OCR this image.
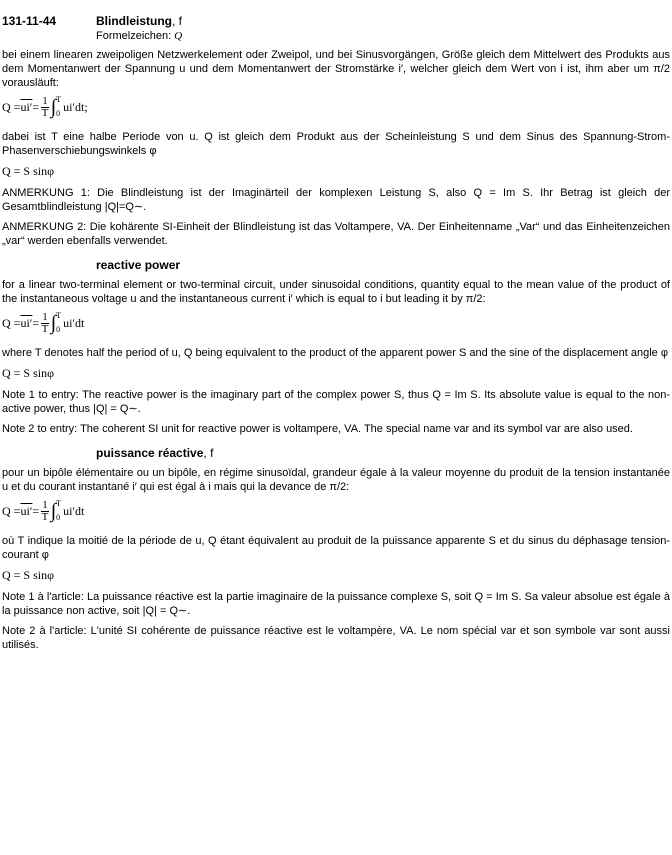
131-11-44	Blindleistung, f
Formelzeichen: Q

bei einem linearen zweipoligen Netzwerkelement oder Zweipol, und bei Sinusvorgängen, Größe gleich dem Mittelwert des Produkts aus dem Momentanwert der Spannung u und dem Momentanwert der Stromstärke i′, welcher gleich dem Wert von i ist, ihm aber um π/2 vorausläuft:

$Q = ui' = \frac{1}{T}$ ∫ T
0 ui′dt ;

dabei ist T eine halbe Periode von u. Q ist gleich dem Produkt aus der Scheinleistung S und dem Sinus des Spannung-Strom-Phasenverschiebungswinkels φ

Q = S sinφ

ANMERKUNG 1: Die Blindleistung ist der Imaginärteil der komplexen Leistung S, also Q = Im S. Ihr Betrag ist gleich der Gesamtblindleistung |Q|=Q∼.

ANMERKUNG 2: Die kohärente SI-Einheit der Blindleistung ist das Voltampere, VA. Der Einheitenname „Var“ und das Einheitenzeichen „var“ werden ebenfalls verwendet.

reactive power

for a linear two-terminal element or two-terminal circuit, under sinusoidal conditions, quantity equal to the mean value of the product of the instantaneous voltage u and the instantaneous current i′ which is equal to i but leading it by π/2:

$Q = ui' = \frac{1}{T}$ ∫ T
0 ui′dt

where T denotes half the period of u, Q being equivalent to the product of the apparent power S and the sine of the displacement angle φ

Q = S sinφ

Note 1 to entry: The reactive power is the imaginary part of the complex power S, thus Q = Im S. Its absolute value is equal to the non-active power, thus |Q| = Q∼.

Note 2 to entry: The coherent SI unit for reactive power is voltampere, VA. The special name var and its symbol var are also used.

puissance réactive, f

pour un bipôle élémentaire ou un bipôle, en régime sinusoïdal, grandeur égale à la valeur moyenne du produit de la tension instantanée u et du courant instantané i′ qui est égal à i mais qui la devance de π/2:

$Q = ui' = \frac{1}{T}$ ∫ T
0 ui′dt

où T indique la moitié de la période de u, Q étant équivalent au produit de la puissance apparente S et du sinus du déphasage tension-courant φ

Q = S sinφ

Note 1 à l'article: La puissance réactive est la partie imaginaire de la puissance complexe S, soit Q = Im S. Sa valeur absolue est égale à la puissance non active, soit |Q| = Q∼.

Note 2 à l'article: L'unité SI cohérente de puissance réactive est le voltampère, VA. Le nom spécial var et son symbole var sont aussi utilisés.
